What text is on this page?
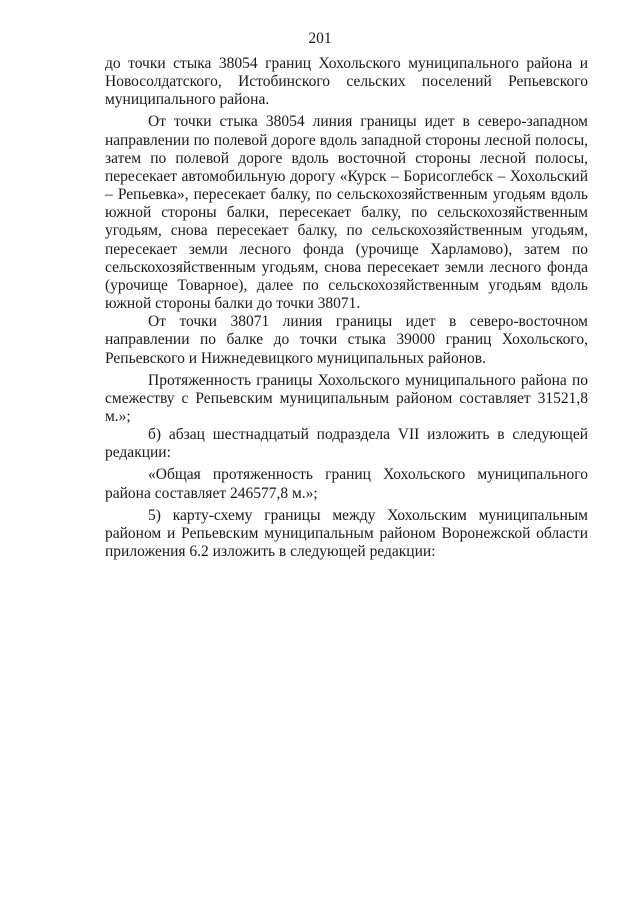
201

до точки стыка 38054 границ Хохольского муниципального района и Новосолдатского, Истобинского сельских поселений Репьевского муниципального района.

От точки стыка 38054 линия границы идет в северо-западном направлении по полевой дороге вдоль западной стороны лесной полосы, затем по полевой дороге вдоль восточной стороны лесной полосы, пересекает автомобильную дорогу «Курск – Борисоглебск – Хохольский – Репьевка», пересекает балку, по сельскохозяйственным угодьям вдоль южной стороны балки, пересекает балку, по сельскохозяйственным угодьям, снова пересекает балку, по сельскохозяйственным угодьям, пересекает земли лесного фонда (урочище Харламово), затем по сельскохозяйственным угодьям, снова пересекает земли лесного фонда (урочище Товарное), далее по сельскохозяйственным угодьям вдоль южной стороны балки до точки 38071.

От точки 38071 линия границы идет в северо-восточном направлении по балке до точки стыка 39000 границ Хохольского, Репьевского и Нижнедевицкого муниципальных районов.

Протяженность границы Хохольского муниципального района по смежеству с Репьевским муниципальным районом составляет 31521,8 м.»;

б) абзац шестнадцатый подраздела VII изложить в следующей редакции:

«Общая протяженность границ Хохольского муниципального района составляет 246577,8 м.»;

5) карту-схему границы между Хохольским муниципальным районом и Репьевским муниципальным районом Воронежской области приложения 6.2 изложить в следующей редакции:
